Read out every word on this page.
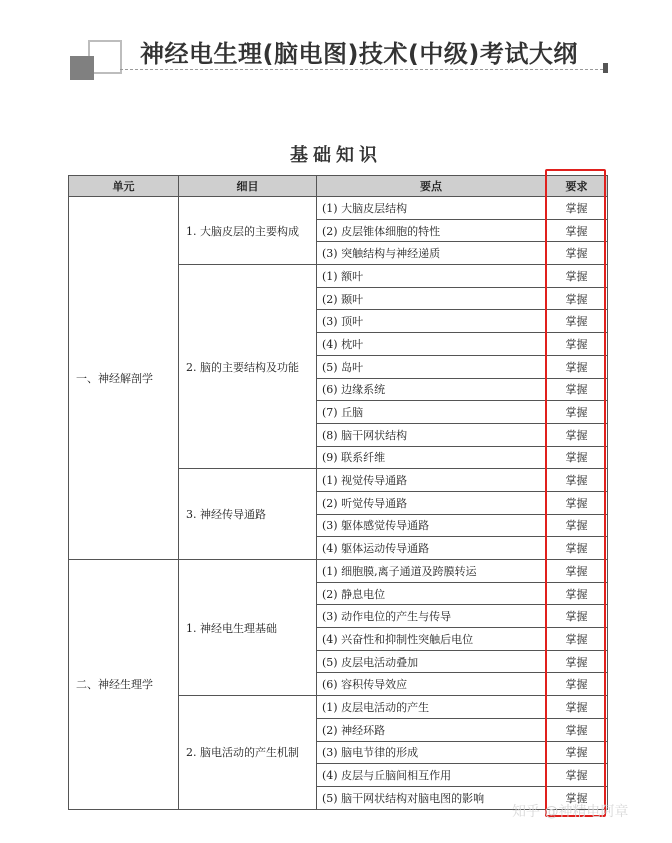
神经电生理(脑电图)技术(中级)考试大纲
基础知识
单元	细目	要点	要求
一、神经解剖学	1. 大脑皮层的主要构成	(1) 大脑皮层结构	掌握
		(2) 皮层锥体细胞的特性	掌握
		(3) 突触结构与神经递质	掌握
	2. 脑的主要结构及功能	(1) 额叶	掌握
		(2) 颞叶	掌握
		(3) 顶叶	掌握
		(4) 枕叶	掌握
		(5) 岛叶	掌握
		(6) 边缘系统	掌握
		(7) 丘脑	掌握
		(8) 脑干网状结构	掌握
		(9) 联系纤维	掌握
	3. 神经传导通路	(1) 视觉传导通路	掌握
		(2) 听觉传导通路	掌握
		(3) 躯体感觉传导通路	掌握
		(4) 躯体运动传导通路	掌握
二、神经生理学	1. 神经电生理基础	(1) 细胞膜,离子通道及跨膜转运	掌握
		(2) 静息电位	掌握
		(3) 动作电位的产生与传导	掌握
		(4) 兴奋性和抑制性突触后电位	掌握
		(5) 皮层电活动叠加	掌握
		(6) 容积传导效应	掌握
	2. 脑电活动的产生机制	(1) 皮层电活动的产生	掌握
		(2) 神经环路	掌握
		(3) 脑电节律的形成	掌握
		(4) 皮层与丘脑间相互作用	掌握
		(5) 脑干网状结构对脑电图的影响	掌握
知乎 @神精电阿章
